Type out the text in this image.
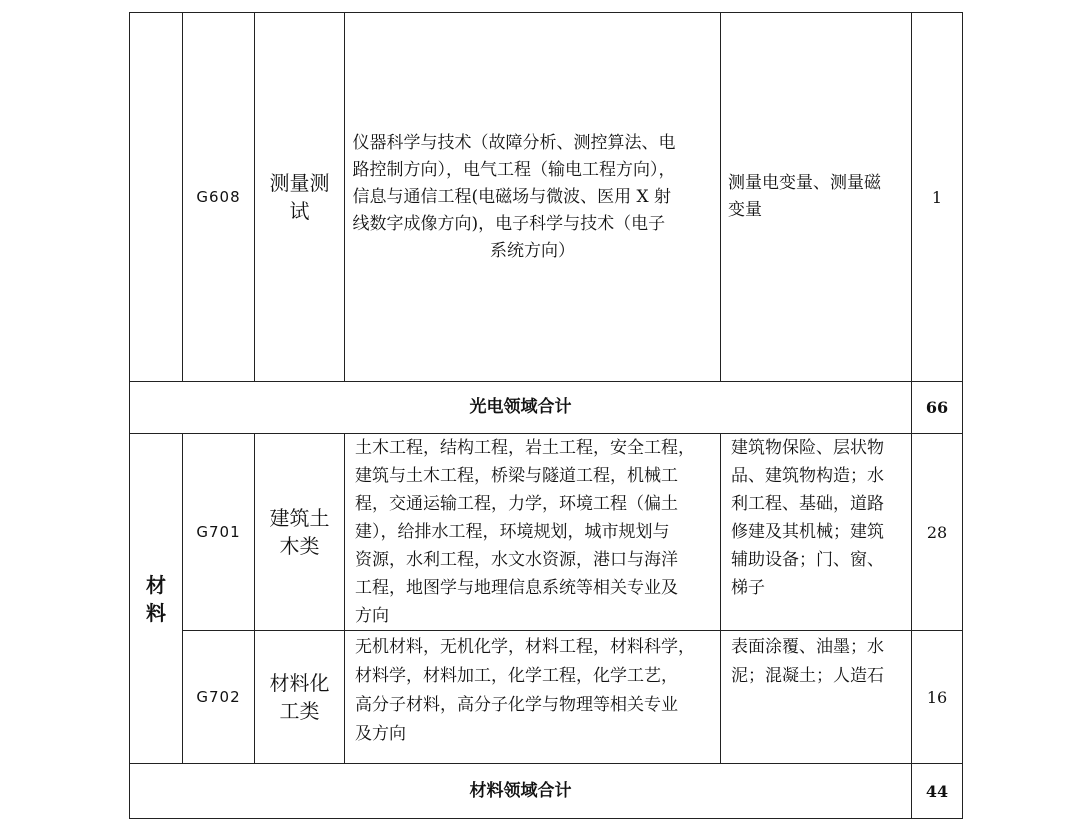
G608
测量测
试
仪器科学与技术（故障分析、测控算法、电
路控制方向），电气工程（输电工程方向），
信息与通信工程(电磁场与微波、医用 X 射
线数字成像方向)，电子科学与技术（电子
系统方向）
测量电变量、测量磁
变量
1
光电领域合计	66
材
料
G701
建筑土
木类
土木工程，结构工程，岩土工程，安全工程，
建筑与土木工程，桥梁与隧道工程，机械工
程，交通运输工程，力学，环境工程（偏土
建），给排水工程，环境规划，城市规划与
资源，水利工程，水文水资源，港口与海洋
工程，地图学与地理信息系统等相关专业及
方向
建筑物保险、层状物
品、建筑物构造；水
利工程、基础，道路
修建及其机械；建筑
辅助设备；门、窗、
梯子
28
G702
材料化
工类
无机材料，无机化学，材料工程，材料科学，
材料学，材料加工，化学工程，化学工艺，
高分子材料，高分子化学与物理等相关专业
及方向
表面涂覆、油墨；水
泥；混凝土；人造石
16
材料领域合计	44
